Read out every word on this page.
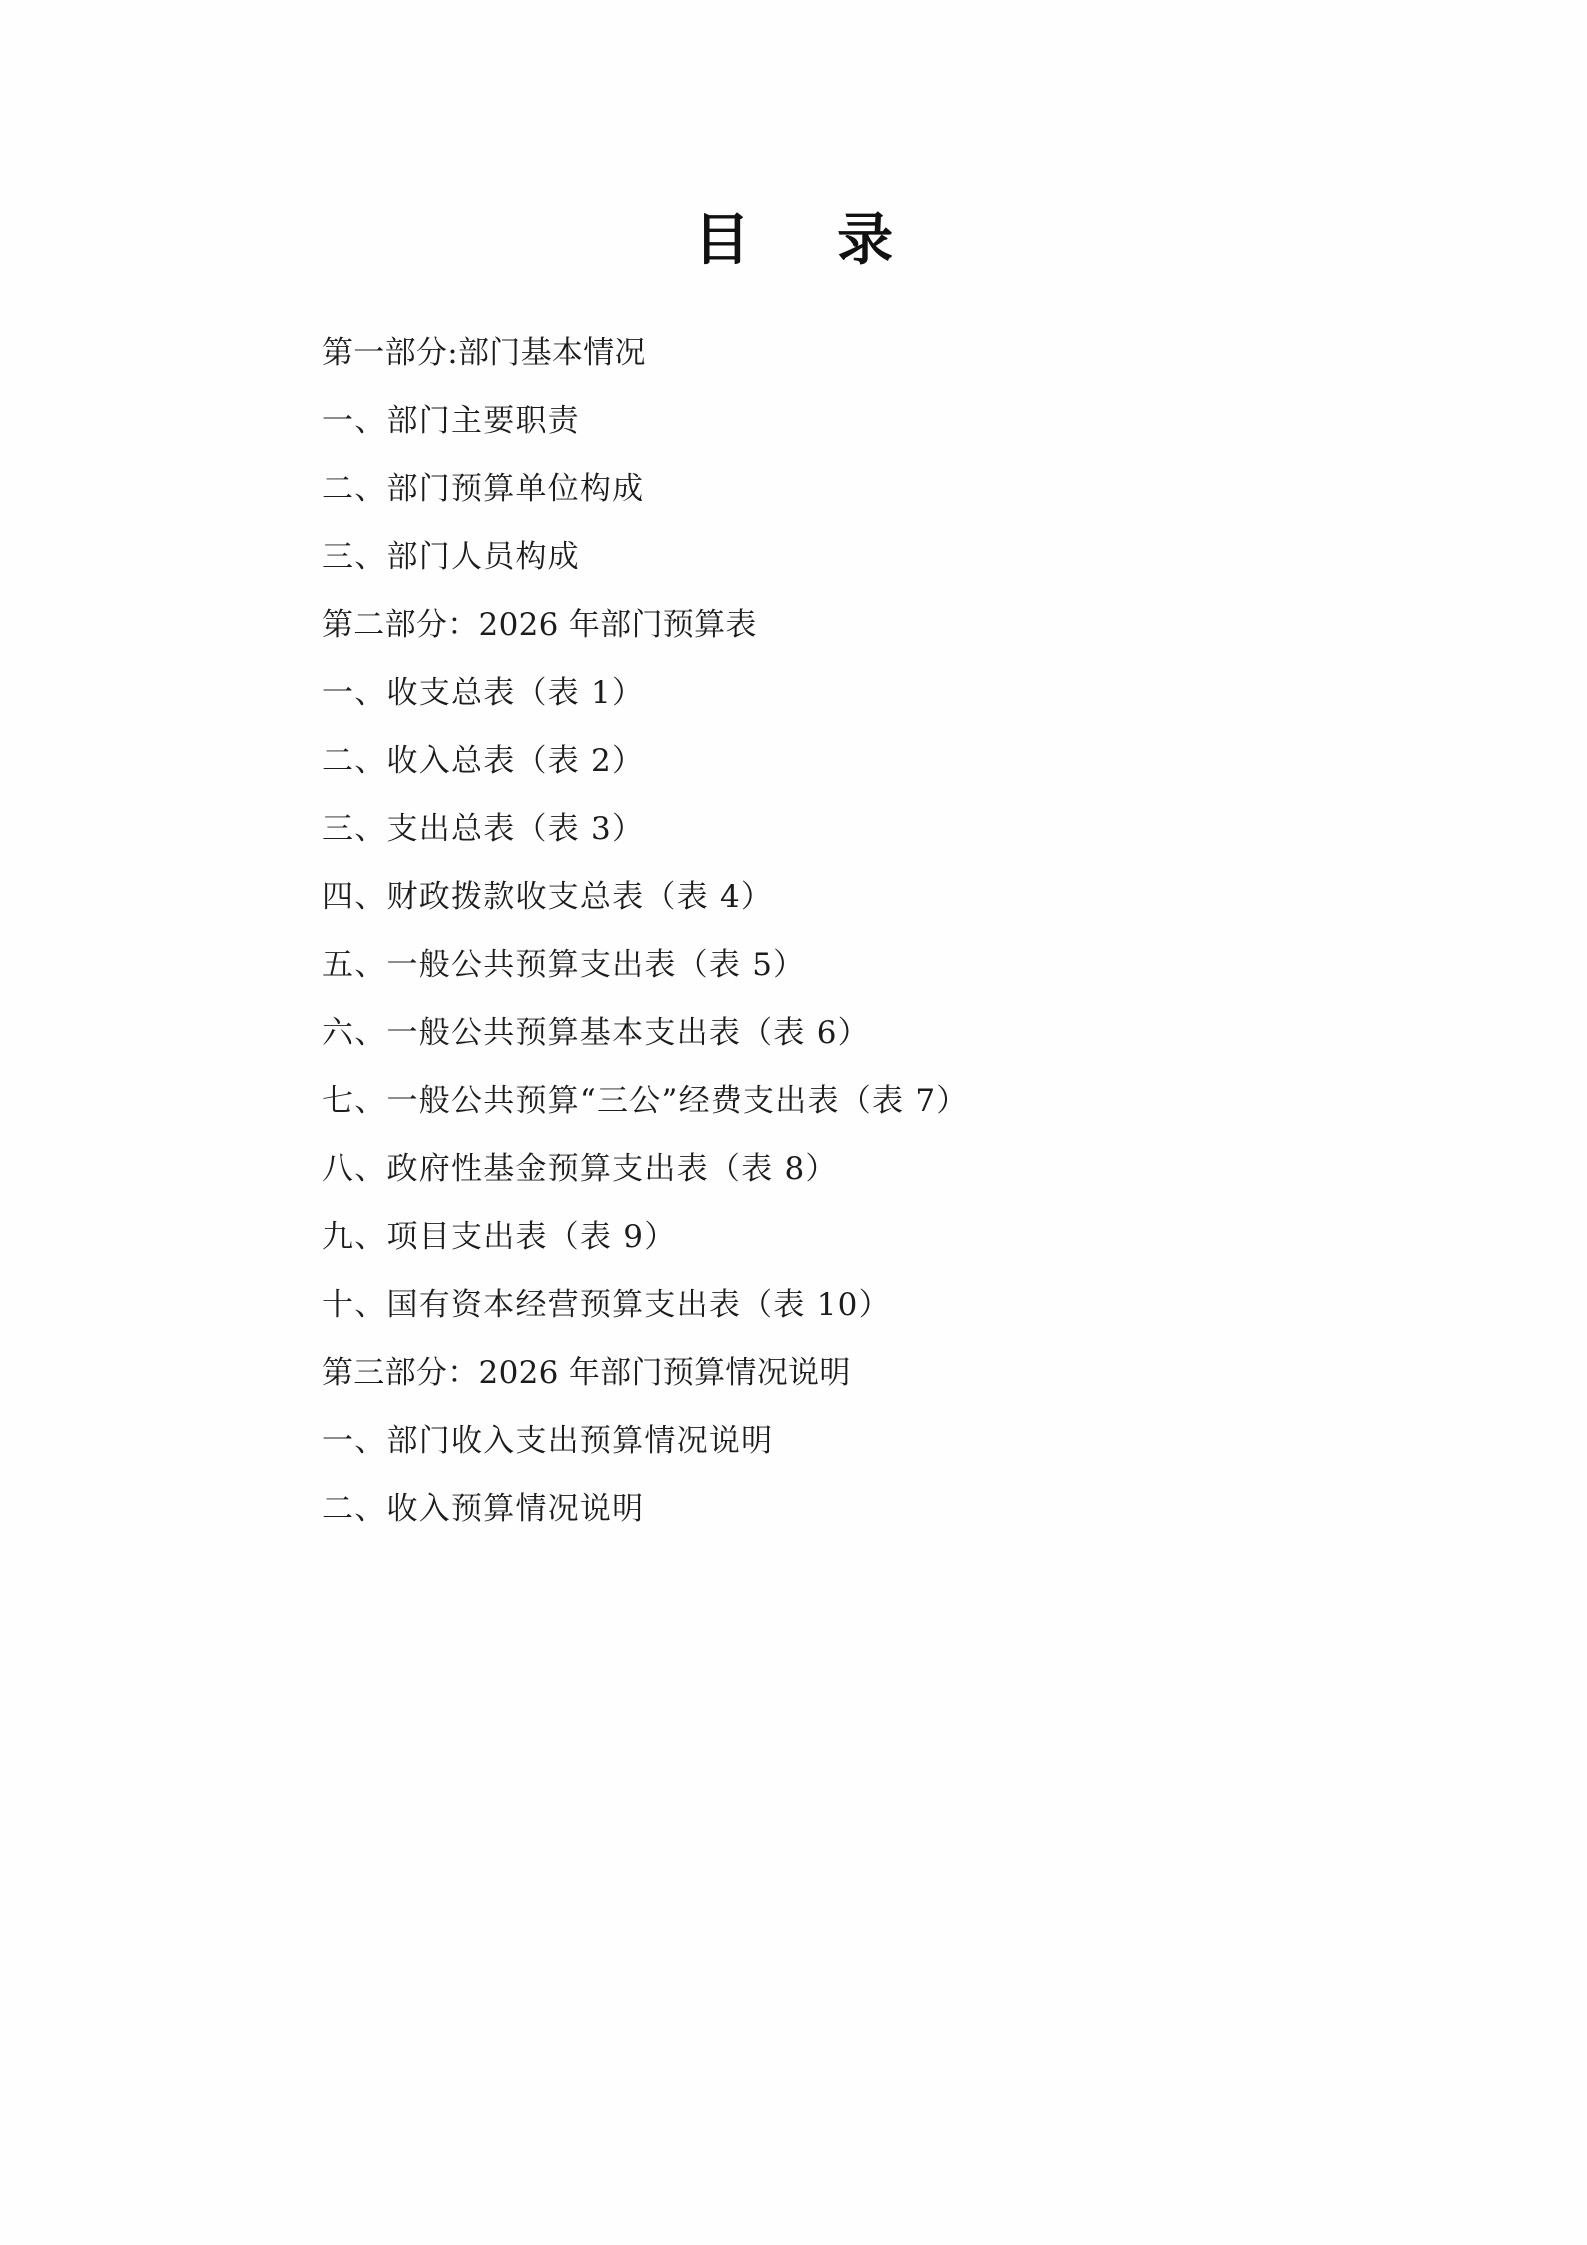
目　录
第一部分:部门基本情况
一、部门主要职责
二、部门预算单位构成
三、部门人员构成
第二部分：2026 年部门预算表
一、收支总表（表 1）
二、收入总表（表 2）
三、支出总表（表 3）
四、财政拨款收支总表（表 4）
五、一般公共预算支出表（表 5）
六、一般公共预算基本支出表（表 6）
七、一般公共预算“三公”经费支出表（表 7）
八、政府性基金预算支出表（表 8）
九、项目支出表（表 9）
十、国有资本经营预算支出表（表 10）
第三部分：2026 年部门预算情况说明
一、部门收入支出预算情况说明
二、收入预算情况说明
